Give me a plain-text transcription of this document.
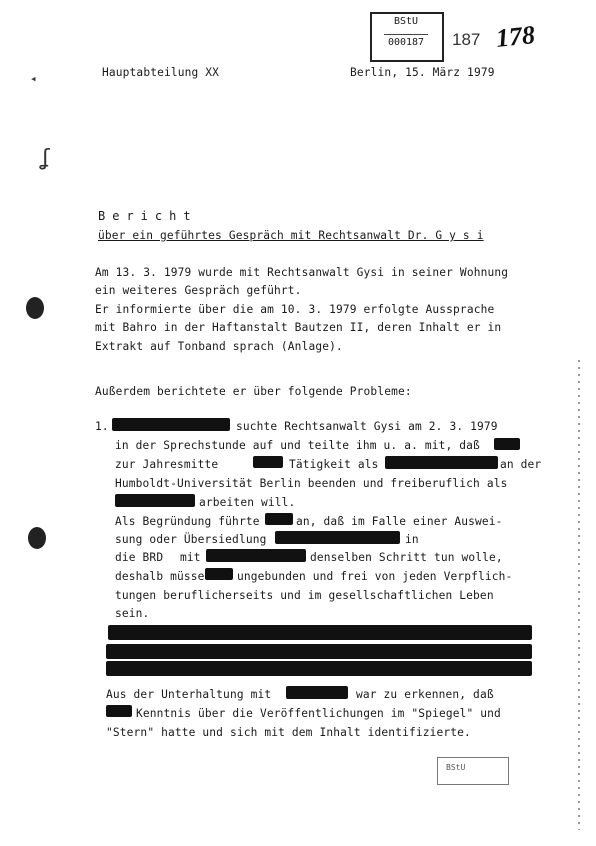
BStU
000187 187 178
◂
ʆ
Hauptabteilung XX	Berlin, 15. März 1979
Bericht
über ein geführtes Gespräch mit Rechtsanwalt Dr. G y s i
Am 13. 3. 1979 wurde mit Rechtsanwalt Gysi in seiner Wohnung
ein weiteres Gespräch geführt.
Er informierte über die am 10. 3. 1979 erfolgte Aussprache
mit Bahro in der Haftanstalt Bautzen II, deren Inhalt er in
Extrakt auf Tonband sprach (Anlage).
Außerdem berichtete er über folgende Probleme:
1.	suchte Rechtsanwalt Gysi am 2. 3. 1979
in der Sprechstunde auf und teilte ihm u. a. mit, daß
zur Jahresmitte	Tätigkeit als	an der
Humboldt-Universität Berlin beenden und freiberuflich als
arbeiten will.
Als Begründung führte	an, daß im Falle einer Auswei-
sung oder Übersiedlung	in
die BRD mit	denselben Schritt tun wolle,
deshalb müsse	ungebunden und frei von jeden Verpflich-
tungen beruflicherseits und im gesellschaftlichen Leben
sein.
Aus der Unterhaltung mit	war zu erkennen, daß
Kenntnis über die Veröffentlichungen im "Spiegel" und
"Stern" hatte und sich mit dem Inhalt identifizierte.
BStU
